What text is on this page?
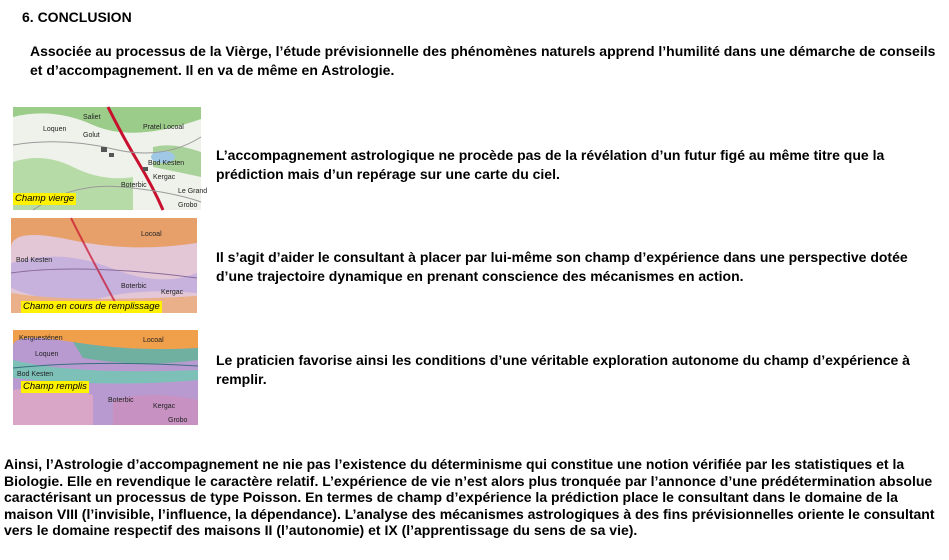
6. CONCLUSION
Associée au processus de la Vièrge, l’étude prévisionnelle des phénomènes naturels apprend l’humilité dans une démarche de conseils et d’accompagnement. Il en va de même en Astrologie.
Saliet
Loquen
Golut
Pratel Locoal
Bod Kesten
Kergac
Boterbic
Le Grand
Grobo
Champ vierge
Bod Kesten
Locoal
Boterbic
Kergac
Chamo en cours de remplissage
Kerguesténen
Loquen
Bod Kesten
Boterbic
Kergac
Grobo
Locoal
Champ remplis
L’accompagnement astrologique ne procède pas de la révélation d’un futur figé au même titre que la prédiction mais d’un repérage sur une carte du ciel.
Il s’agit d’aider le consultant à placer par lui-même son champ d’expérience dans une perspective dotée d’une trajectoire dynamique en prenant conscience des mécanismes en action.
Le praticien favorise ainsi les conditions d’une véritable exploration autonome du champ d’expérience à remplir.
Ainsi, l’Astrologie d’accompagnement ne nie pas l’existence du déterminisme qui constitue une notion vérifiée par les statistiques et la Biologie. Elle en revendique le caractère relatif. L’expérience de vie n’est alors plus tronquée par l’annonce d’une prédétermination absolue caractérisant un processus de type Poisson. En termes de champ d’expérience la prédiction place le consultant dans le domaine de la maison VIII (l’invisible, l’influence, la dépendance). L’analyse des mécanismes astrologiques à des fins prévisionnelles oriente le consultant vers le domaine respectif des maisons II (l’autonomie) et IX (l’apprentissage du sens de sa vie).
